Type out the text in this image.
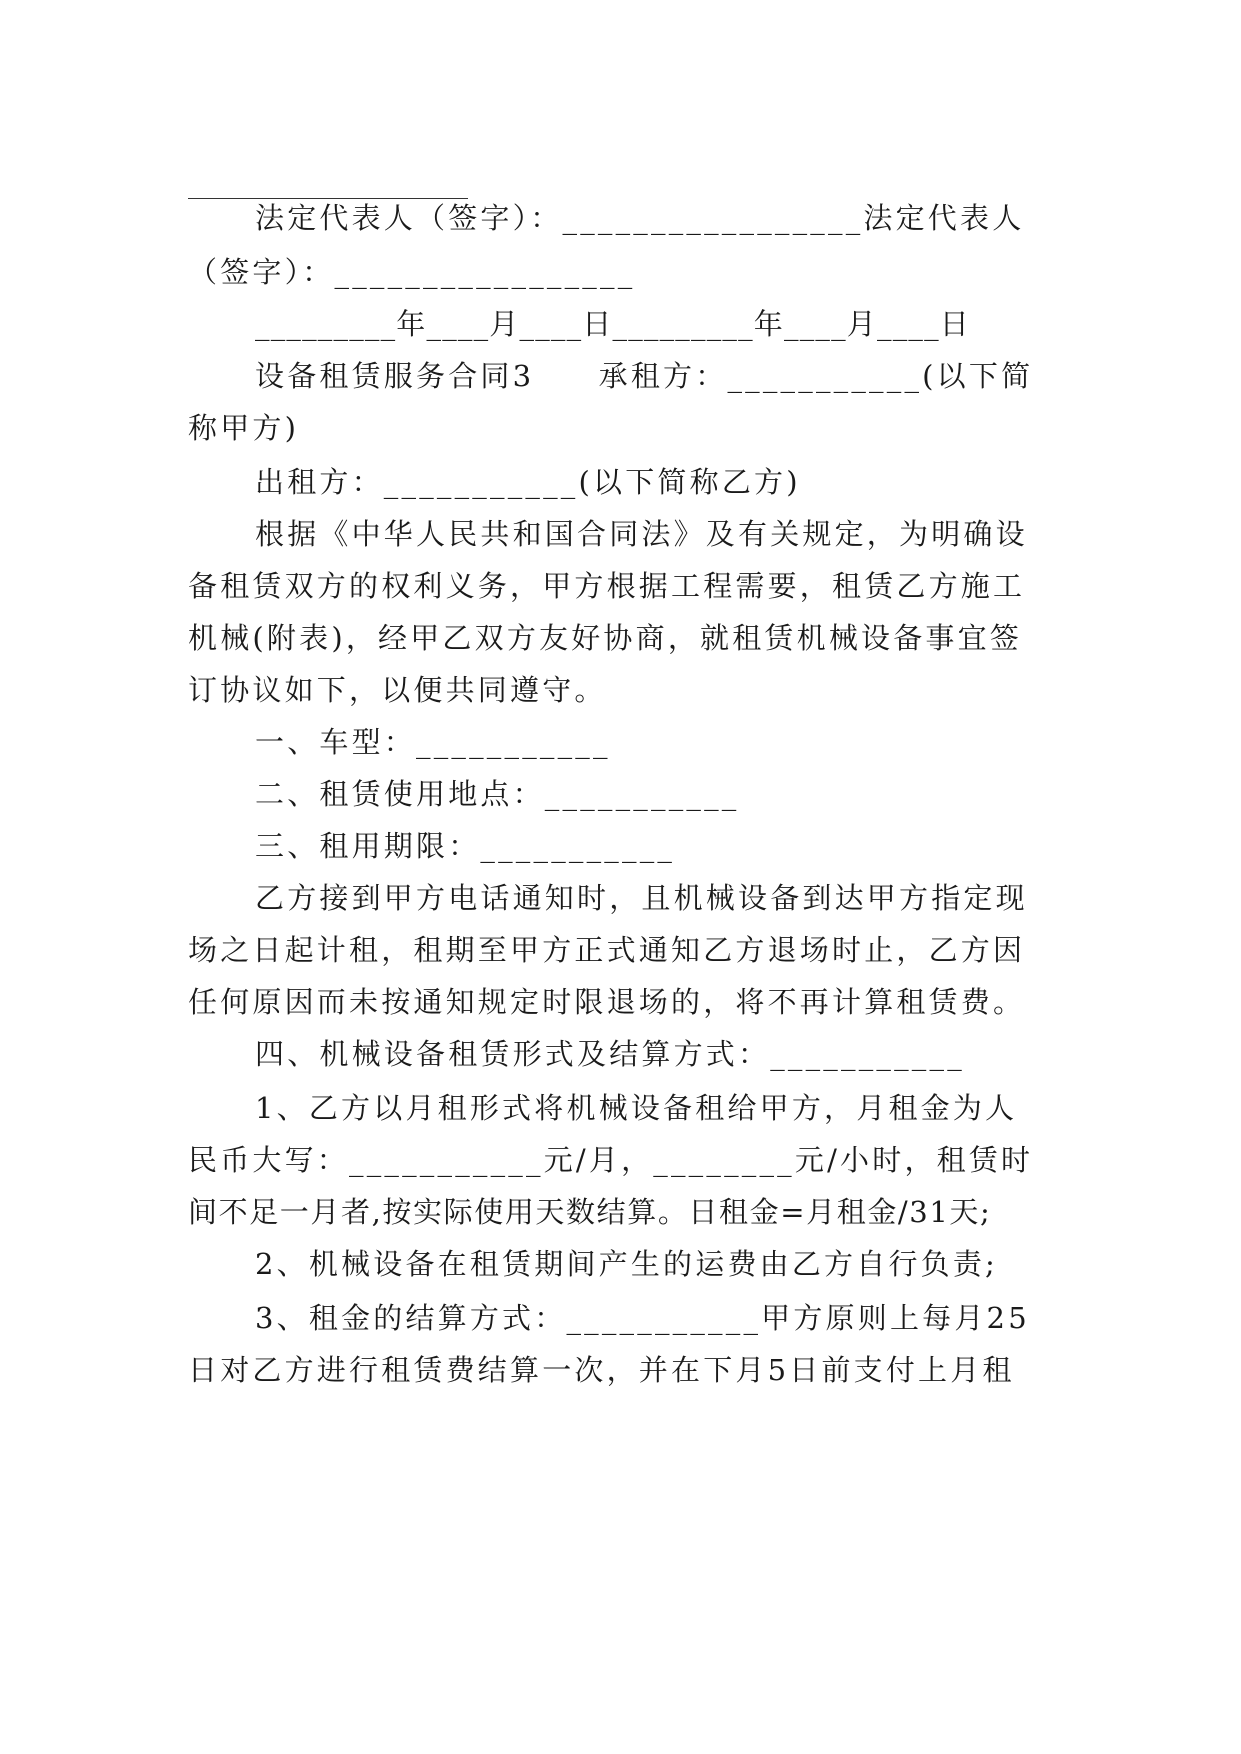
法定代表人（签字）：_________________法定代表人
（签字）：_________________
_________年____月____日_________年____月____日
设备租赁服务合同3　　承租方：___________(以下简
称甲方)
出租方：___________(以下简称乙方)
根据《中华人民共和国合同法》及有关规定，为明确设
备租赁双方的权利义务，甲方根据工程需要，租赁乙方施工
机械(附表)，经甲乙双方友好协商，就租赁机械设备事宜签
订协议如下，以便共同遵守。
一、车型：___________
二、租赁使用地点：___________
三、租用期限：___________
乙方接到甲方电话通知时，且机械设备到达甲方指定现
场之日起计租，租期至甲方正式通知乙方退场时止，乙方因
任何原因而未按通知规定时限退场的，将不再计算租赁费。
四、机械设备租赁形式及结算方式：___________
1、乙方以月租形式将机械设备租给甲方，月租金为人
民币大写：___________元/月，________元/小时，租赁时
间不足一月者,按实际使用天数结算。日租金=月租金/31天;
2、机械设备在租赁期间产生的运费由乙方自行负责;
3、租金的结算方式：___________甲方原则上每月25
日对乙方进行租赁费结算一次，并在下月5日前支付上月租
